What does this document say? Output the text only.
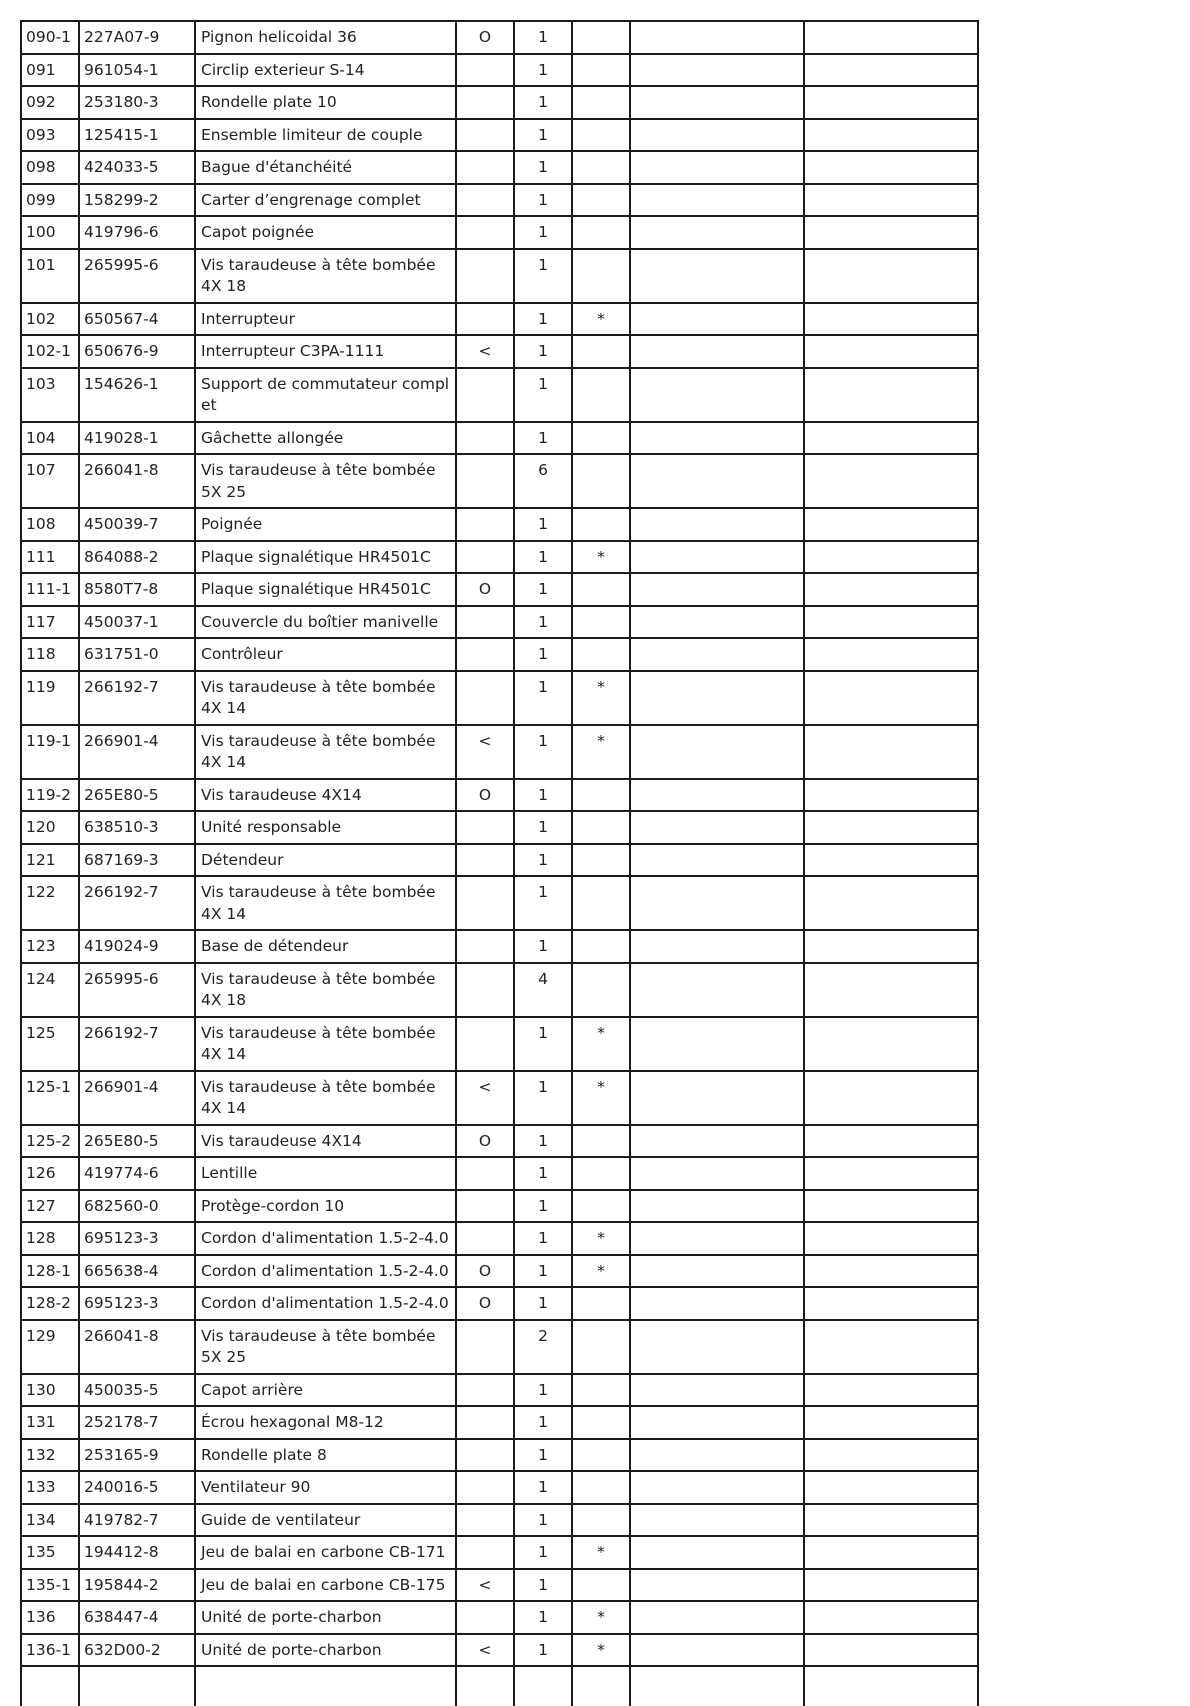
090-1	227A07-9	Pignon helicoidal 36	O	1			
091	961054-1	Circlip exterieur S-14		1			
092	253180-3	Rondelle plate 10		1			
093	125415-1	Ensemble limiteur de couple		1			
098	424033-5	Bague d'étanchéité		1			
099	158299-2	Carter d’engrenage complet		1			
100	419796-6	Capot poignée		1			
101	265995-6	Vis taraudeuse à tête bombée 4X 18		1			
102	650567-4	Interrupteur		1	*		
102-1	650676-9	Interrupteur C3PA-1111	<	1			
103	154626-1	Support de commutateur compl et		1			
104	419028-1	Gâchette allongée		1			
107	266041-8	Vis taraudeuse à tête bombée 5X 25		6			
108	450039-7	Poignée		1			
111	864088-2	Plaque signalétique HR4501C		1	*		
111-1	8580T7-8	Plaque signalétique HR4501C	O	1			
117	450037-1	Couvercle du boîtier manivelle		1			
118	631751-0	Contrôleur		1			
119	266192-7	Vis taraudeuse à tête bombée 4X 14		1	*		
119-1	266901-4	Vis taraudeuse à tête bombée 4X 14	<	1	*		
119-2	265E80-5	Vis taraudeuse 4X14	O	1			
120	638510-3	Unité responsable		1			
121	687169-3	Détendeur		1			
122	266192-7	Vis taraudeuse à tête bombée 4X 14		1			
123	419024-9	Base de détendeur		1			
124	265995-6	Vis taraudeuse à tête bombée 4X 18		4			
125	266192-7	Vis taraudeuse à tête bombée 4X 14		1	*		
125-1	266901-4	Vis taraudeuse à tête bombée 4X 14	<	1	*		
125-2	265E80-5	Vis taraudeuse 4X14	O	1			
126	419774-6	Lentille		1			
127	682560-0	Protège-cordon 10		1			
128	695123-3	Cordon d'alimentation 1.5-2-4.0		1	*		
128-1	665638-4	Cordon d'alimentation 1.5-2-4.0	O	1	*		
128-2	695123-3	Cordon d'alimentation 1.5-2-4.0	O	1			
129	266041-8	Vis taraudeuse à tête bombée 5X 25		2			
130	450035-5	Capot arrière		1			
131	252178-7	Écrou hexagonal M8-12		1			
132	253165-9	Rondelle plate 8		1			
133	240016-5	Ventilateur 90		1			
134	419782-7	Guide de ventilateur		1			
135	194412-8	Jeu de balai en carbone CB-171		1	*		
135-1	195844-2	Jeu de balai en carbone CB-175	<	1			
136	638447-4	Unité de porte-charbon		1	*		
136-1	632D00-2	Unité de porte-charbon	<	1	*		
